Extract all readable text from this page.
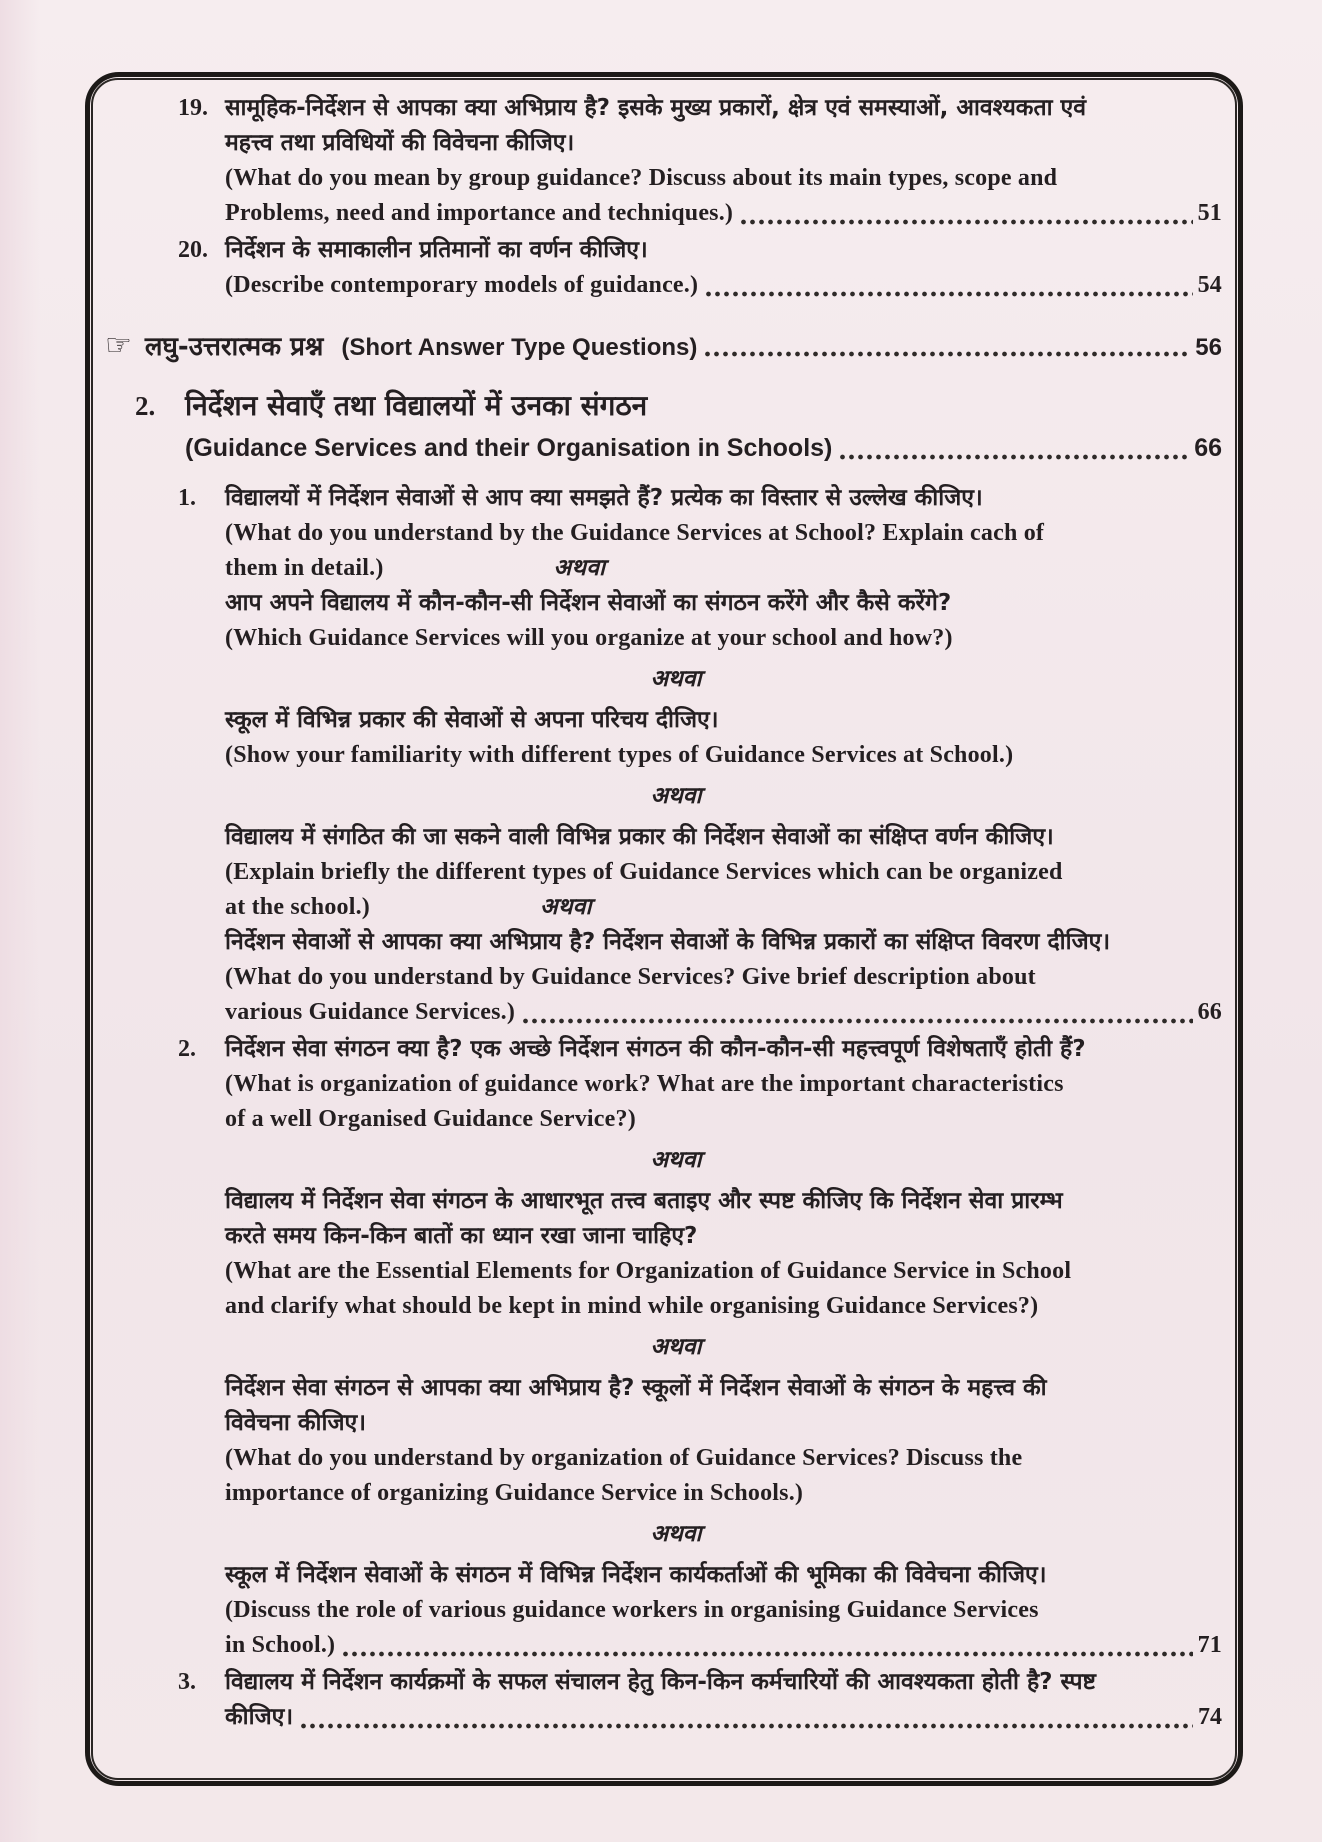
19. सामूहिक-निर्देशन से आपका क्या अभिप्राय है? इसके मुख्य प्रकारों, क्षेत्र एवं समस्याओं, आवश्यकता एवं
महत्त्व तथा प्रविधियों की विवेचना कीजिए।
(What do you mean by group guidance? Discuss about its main types, scope and
Problems, need and importance and techniques.)	51
20. निर्देशन के समाकालीन प्रतिमानों का वर्णन कीजिए।
(Describe contemporary models of guidance.)	54
☞ लघु-उत्तरात्मक प्रश्न (Short Answer Type Questions)	56
2.	निर्देशन सेवाएँ तथा विद्यालयों में उनका संगठन
(Guidance Services and their Organisation in Schools)	66
1.	विद्यालयों में निर्देशन सेवाओं से आप क्या समझते हैं? प्रत्येक का विस्तार से उल्लेख कीजिए।
(What do you understand by the Guidance Services at School? Explain cach of
them in detail.)	अथवा
आप अपने विद्यालय में कौन-कौन-सी निर्देशन सेवाओं का संगठन करेंगे और कैसे करेंगे?
(Which Guidance Services will you organize at your school and how?)
अथवा
स्कूल में विभिन्न प्रकार की सेवाओं से अपना परिचय दीजिए।
(Show your familiarity with different types of Guidance Services at School.)
अथवा
विद्यालय में संगठित की जा सकने वाली विभिन्न प्रकार की निर्देशन सेवाओं का संक्षिप्त वर्णन कीजिए।
(Explain briefly the different types of Guidance Services which can be organized
at the school.)	अथवा
निर्देशन सेवाओं से आपका क्या अभिप्राय है? निर्देशन सेवाओं के विभिन्न प्रकारों का संक्षिप्त विवरण दीजिए।
(What do you understand by Guidance Services? Give brief description about
various Guidance Services.)	66
2.	निर्देशन सेवा संगठन क्या है? एक अच्छे निर्देशन संगठन की कौन-कौन-सी महत्त्वपूर्ण विशेषताएँ होती हैं?
(What is organization of guidance work? What are the important characteristics
of a well Organised Guidance Service?)
अथवा
विद्यालय में निर्देशन सेवा संगठन के आधारभूत तत्त्व बताइए और स्पष्ट कीजिए कि निर्देशन सेवा प्रारम्भ
करते समय किन-किन बातों का ध्यान रखा जाना चाहिए?
(What are the Essential Elements for Organization of Guidance Service in School
and clarify what should be kept in mind while organising Guidance Services?)
अथवा
निर्देशन सेवा संगठन से आपका क्या अभिप्राय है? स्कूलों में निर्देशन सेवाओं के संगठन के महत्त्व की
विवेचना कीजिए।
(What do you understand by organization of Guidance Services? Discuss the
importance of organizing Guidance Service in Schools.)
अथवा
स्कूल में निर्देशन सेवाओं के संगठन में विभिन्न निर्देशन कार्यकर्ताओं की भूमिका की विवेचना कीजिए।
(Discuss the role of various guidance workers in organising Guidance Services
in School.)	71
3.	विद्यालय में निर्देशन कार्यक्रमों के सफल संचालन हेतु किन-किन कर्मचारियों की आवश्यकता होती है? स्पष्ट
कीजिए।	74
